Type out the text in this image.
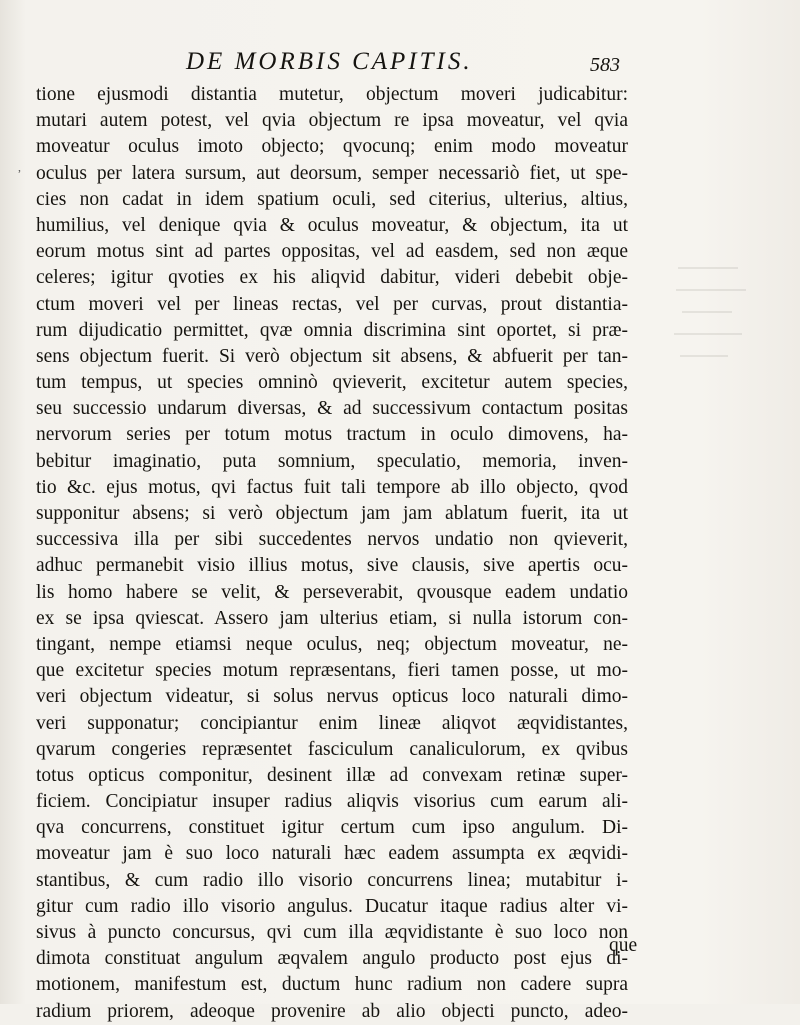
,
DE MORBIS CAPITIS.	583
tione ejusmodi distantia mutetur, objectum moveri judicabitur:
mutari autem potest, vel qvia objectum re ipsa moveatur, vel qvia
moveatur oculus imoto objecto; qvocunq; enim modo moveatur
oculus per latera sursum, aut deorsum, semper necessariò fiet, ut spe-
cies non cadat in idem spatium oculi, sed citerius, ulterius, altius,
humilius, vel denique qvia & oculus moveatur, & objectum, ita ut
eorum motus sint ad partes oppositas, vel ad easdem, sed non æque
celeres; igitur qvoties ex his aliqvid dabitur, videri debebit obje-
ctum moveri vel per lineas rectas, vel per curvas, prout distantia-
rum dijudicatio permittet, qvæ omnia discrimina sint oportet, si præ-
sens objectum fuerit. Si verò objectum sit absens, & abfuerit per tan-
tum tempus, ut species omninò qvieverit, excitetur autem species,
seu successio undarum diversas, & ad successivum contactum positas
nervorum series per totum motus tractum in oculo dimovens, ha-
bebitur imaginatio, puta somnium, speculatio, memoria, inven-
tio &c. ejus motus, qvi factus fuit tali tempore ab illo objecto, qvod
supponitur absens; si verò objectum jam jam ablatum fuerit, ita ut
successiva illa per sibi succedentes nervos undatio non qvieverit,
adhuc permanebit visio illius motus, sive clausis, sive apertis ocu-
lis homo habere se velit, & perseverabit, qvousque eadem undatio
ex se ipsa qviescat. Assero jam ulterius etiam, si nulla istorum con-
tingant, nempe etiamsi neque oculus, neq; objectum moveatur, ne-
que excitetur species motum repræsentans, fieri tamen posse, ut mo-
veri objectum videatur, si solus nervus opticus loco naturali dimo-
veri supponatur; concipiantur enim lineæ aliqvot æqvidistantes,
qvarum congeries repræsentet fasciculum canaliculorum, ex qvibus
totus opticus componitur, desinent illæ ad convexam retinæ super-
ficiem. Concipiatur insuper radius aliqvis visorius cum earum ali-
qva concurrens, constituet igitur certum cum ipso angulum. Di-
moveatur jam è suo loco naturali hæc eadem assumpta ex æqvidi-
stantibus, & cum radio illo visorio concurrens linea; mutabitur i-
gitur cum radio illo visorio angulus. Ducatur itaque radius alter vi-
sivus à puncto concursus, qvi cum illa æqvidistante è suo loco non
dimota constituat angulum æqvalem angulo producto post ejus di-
motionem, manifestum est, ductum hunc radium non cadere supra
radium priorem, adeoque provenire ab alio objecti puncto, adeo-
que
